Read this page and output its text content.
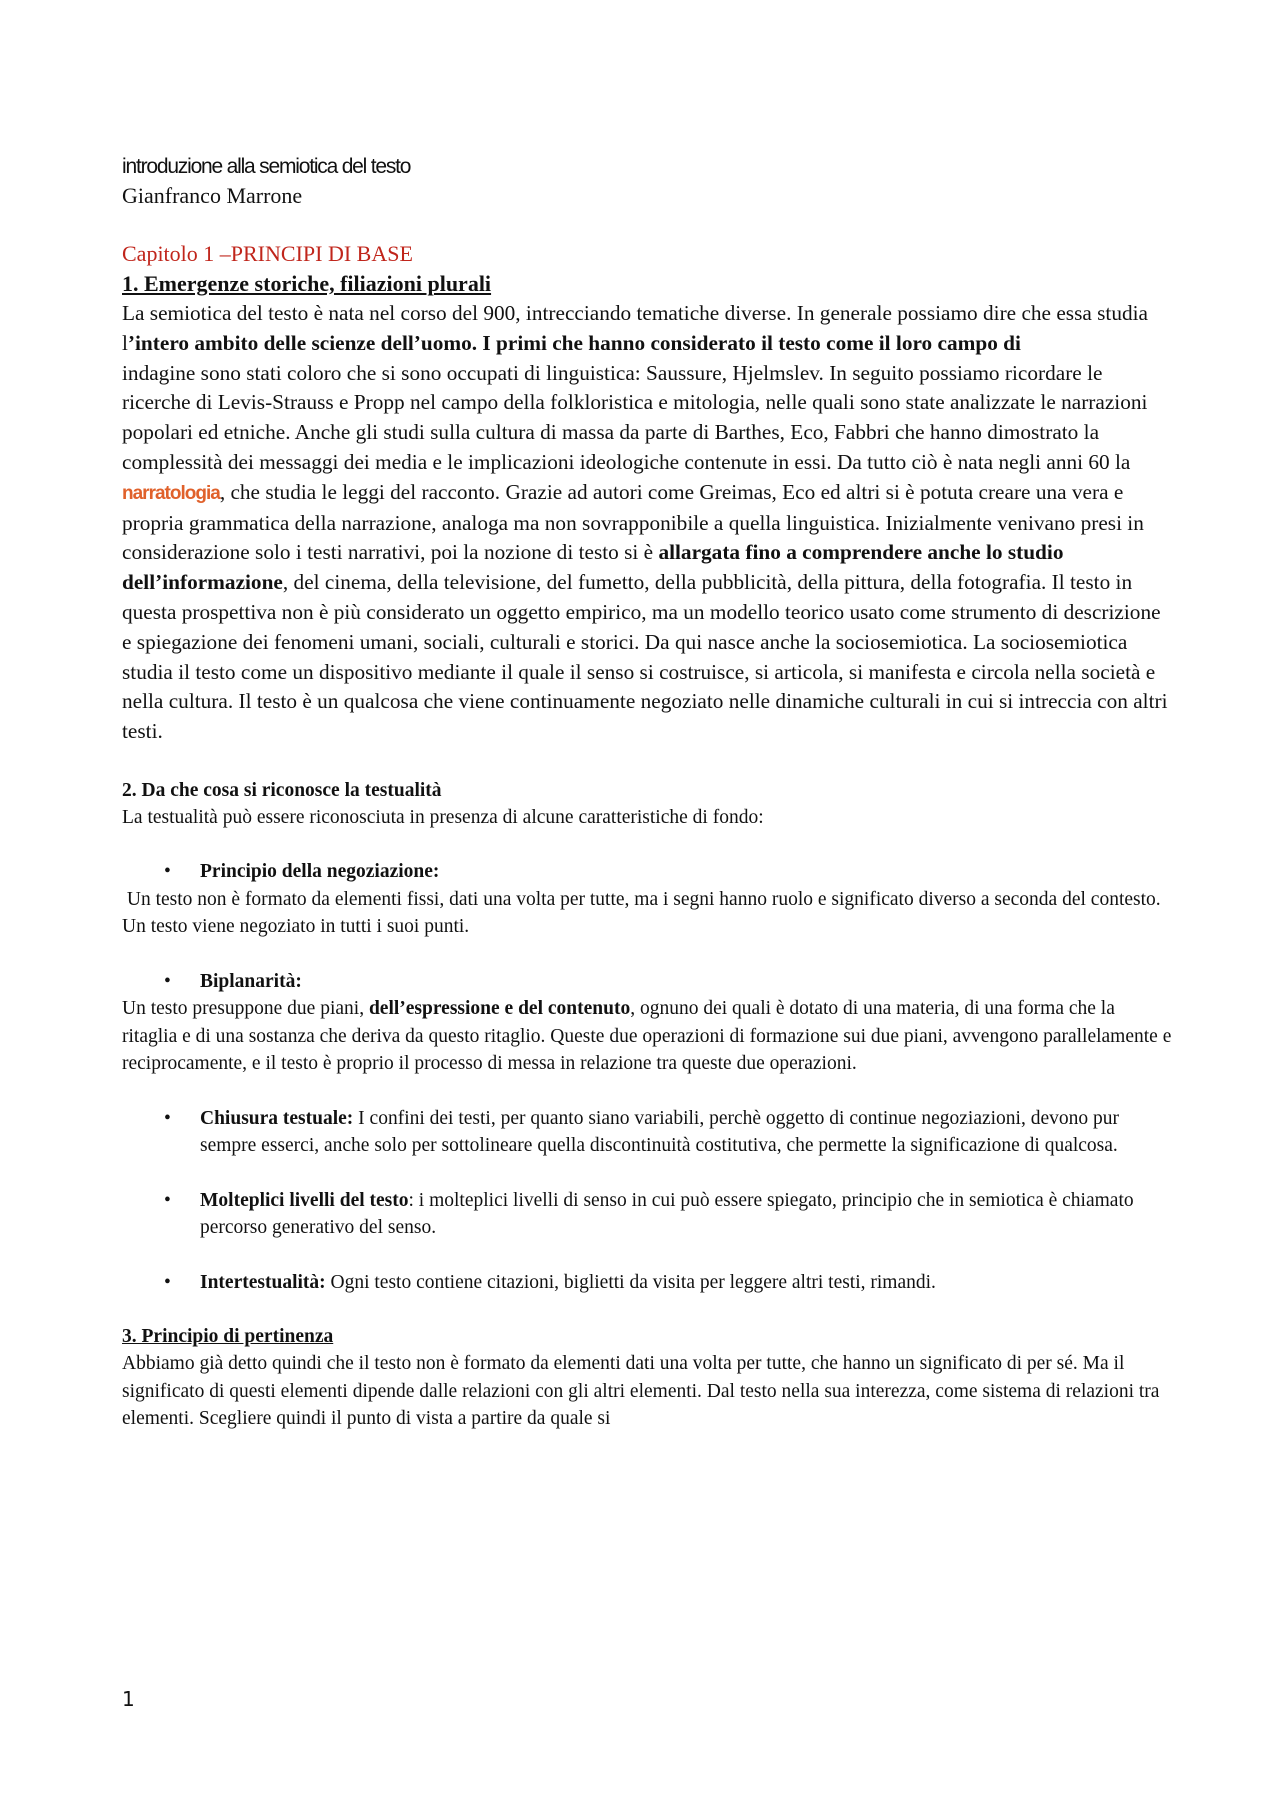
introduzione alla semiotica del testo

Gianfranco Marrone

Capitolo 1 –PRINCIPI DI BASE

1. Emergenze storiche, filiazioni plurali

La semiotica del testo è nata nel corso del 900, intrecciando tematiche diverse. In generale possiamo dire che essa studia l’intero ambito delle scienze dell’uomo. I primi che hanno considerato il testo come il loro campo di

indagine sono stati coloro che si sono occupati di linguistica: Saussure, Hjelmslev. In seguito possiamo ricordare le ricerche di Levis-Strauss e Propp nel campo della folkloristica e mitologia, nelle quali sono state analizzate le narrazioni popolari ed etniche. Anche gli studi sulla cultura di massa da parte di Barthes, Eco, Fabbri che hanno dimostrato la complessità dei messaggi dei media e le implicazioni ideologiche contenute in essi. Da tutto ciò è nata negli anni 60 la narratologia, che studia le leggi del racconto. Grazie ad autori come Greimas, Eco ed altri si è potuta creare una vera e propria grammatica della narrazione, analoga ma non sovrapponibile a quella linguistica. Inizialmente venivano presi in considerazione solo i testi narrativi, poi la nozione di testo si è allargata fino a comprendere anche lo studio dell’informazione, del cinema, della televisione, del fumetto, della pubblicità, della pittura, della fotografia. Il testo in questa prospettiva non è più considerato un oggetto empirico, ma un modello teorico usato come strumento di descrizione e spiegazione dei fenomeni umani, sociali, culturali e storici. Da qui nasce anche la sociosemiotica. La sociosemiotica studia il testo come un dispositivo mediante il quale il senso si costruisce, si articola, si manifesta e circola nella società e nella cultura. Il testo è un qualcosa che viene continuamente negoziato nelle dinamiche culturali in cui si intreccia con altri testi.

2. Da che cosa si riconosce la testualità

La testualità può essere riconosciuta in presenza di alcune caratteristiche di fondo:

• Principio della negoziazione:

Un testo non è formato da elementi fissi, dati una volta per tutte, ma i segni hanno ruolo e significato diverso a seconda del contesto. Un testo viene negoziato in tutti i suoi punti.

• Biplanarità:

Un testo presuppone due piani, dell’espressione e del contenuto, ognuno dei quali è dotato di una materia, di una forma che la ritaglia e di una sostanza che deriva da questo ritaglio. Queste due operazioni di formazione sui due piani, avvengono parallelamente e reciprocamente, e il testo è proprio il processo di messa in relazione tra queste due operazioni.

• Chiusura testuale: I confini dei testi, per quanto siano variabili, perchè oggetto di continue negoziazioni, devono pur sempre esserci, anche solo per sottolineare quella discontinuità costitutiva, che permette la significazione di qualcosa.
• Molteplici livelli del testo: i molteplici livelli di senso in cui può essere spiegato, principio che in semiotica è chiamato percorso generativo del senso.
• Intertestualità: Ogni testo contiene citazioni, biglietti da visita per leggere altri testi, rimandi.

3. Principio di pertinenza

Abbiamo già detto quindi che il testo non è formato da elementi dati una volta per tutte, che hanno un significato di per sé. Ma il significato di questi elementi dipende dalle relazioni con gli altri elementi. Dal testo nella sua interezza, come sistema di relazioni tra elementi. Scegliere quindi il punto di vista a partire da quale si

1
